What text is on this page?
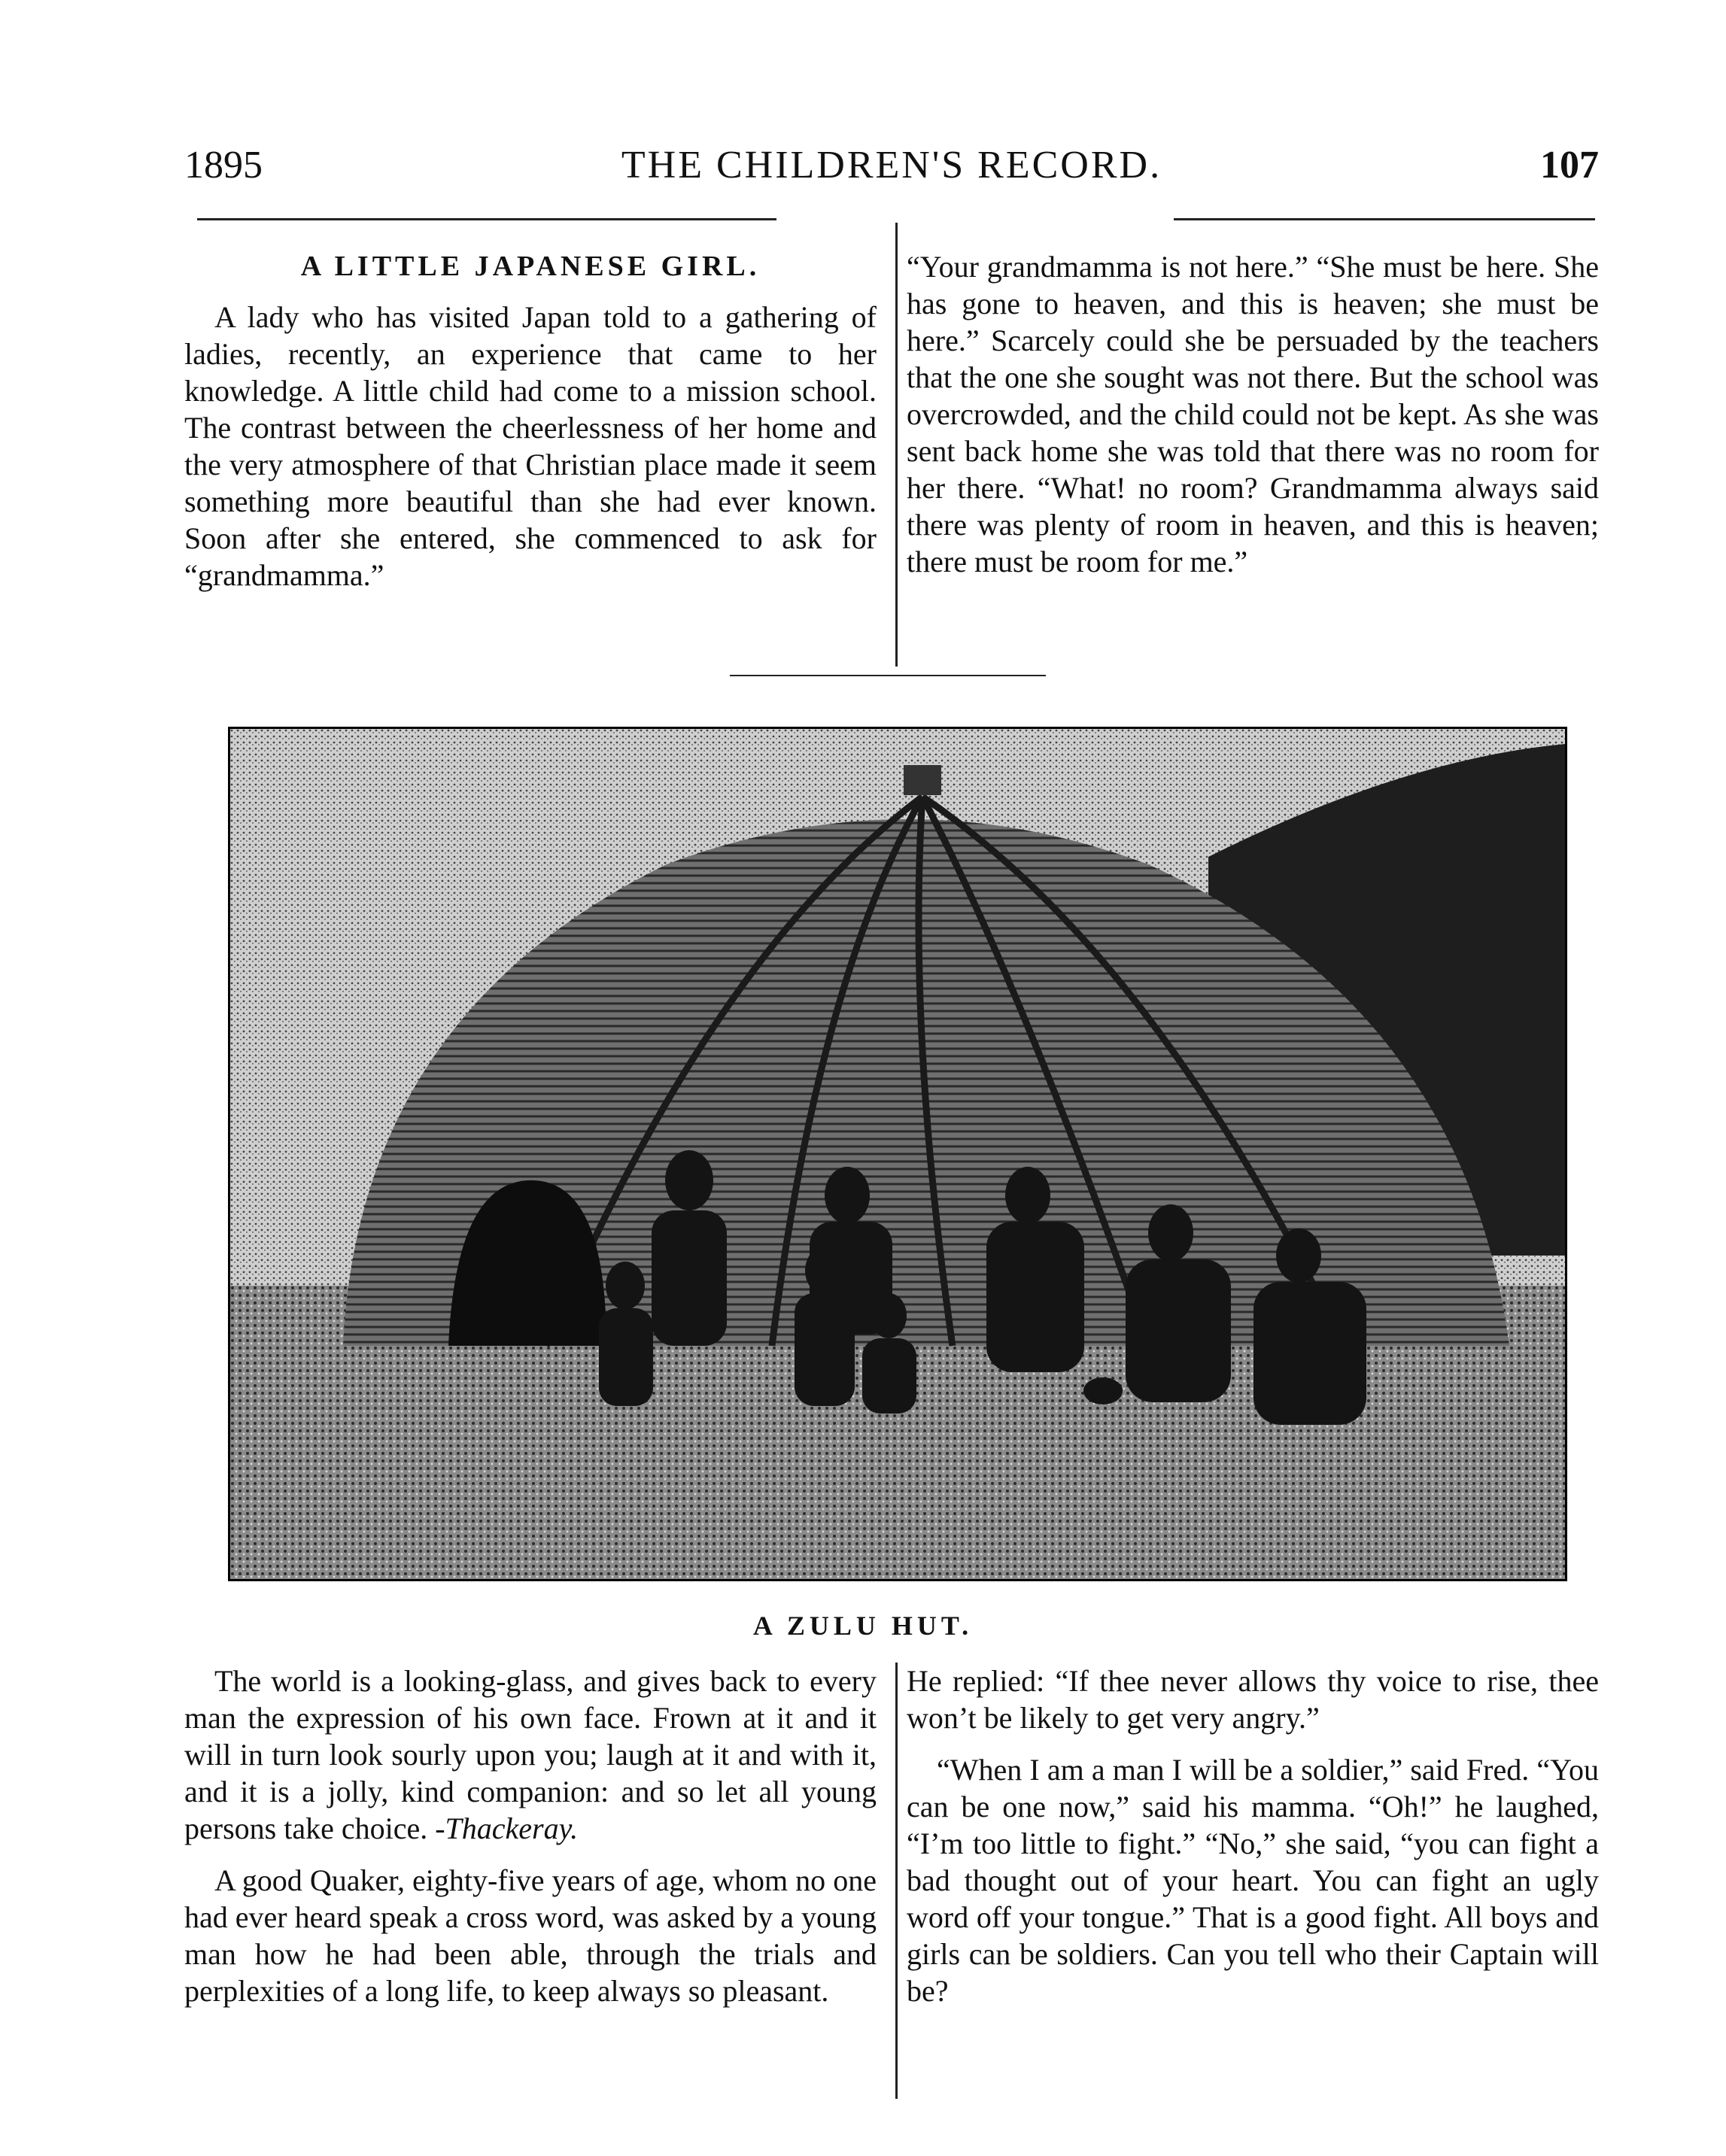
1895	THE CHILDREN'S RECORD.	107
A LITTLE JAPANESE GIRL.

A lady who has visited Japan told to a gathering of ladies, recently, an experience that came to her knowledge. A little child had come to a mission school. The contrast between the cheerlessness of her home and the very atmosphere of that Christian place made it seem something more beautiful than she had ever known. Soon after she entered, she commenced to ask for “grandmamma.”

“Your grandmamma is not here.” “She must be here. She has gone to heaven, and this is heaven; she must be here.” Scarcely could she be persuaded by the teachers that the one she sought was not there. But the school was overcrowded, and the child could not be kept. As she was sent back home she was told that there was no room for her there. “What! no room? Grandmamma always said there was plenty of room in heaven, and this is heaven; there must be room for me.”

A ZULU HUT.

The world is a looking-glass, and gives back to every man the expression of his own face. Frown at it and it will in turn look sourly upon you; laugh at it and with it, and it is a jolly, kind companion: and so let all young persons take choice. -Thackeray.

A good Quaker, eighty-five years of age, whom no one had ever heard speak a cross word, was asked by a young man how he had been able, through the trials and perplexities of a long life, to keep always so pleasant.

He replied: “If thee never allows thy voice to rise, thee won’t be likely to get very angry.”

“When I am a man I will be a soldier,” said Fred. “You can be one now,” said his mamma. “Oh!” he laughed, “I’m too little to fight.” “No,” she said, “you can fight a bad thought out of your heart. You can fight an ugly word off your tongue.” That is a good fight. All boys and girls can be soldiers. Can you tell who their Captain will be?
